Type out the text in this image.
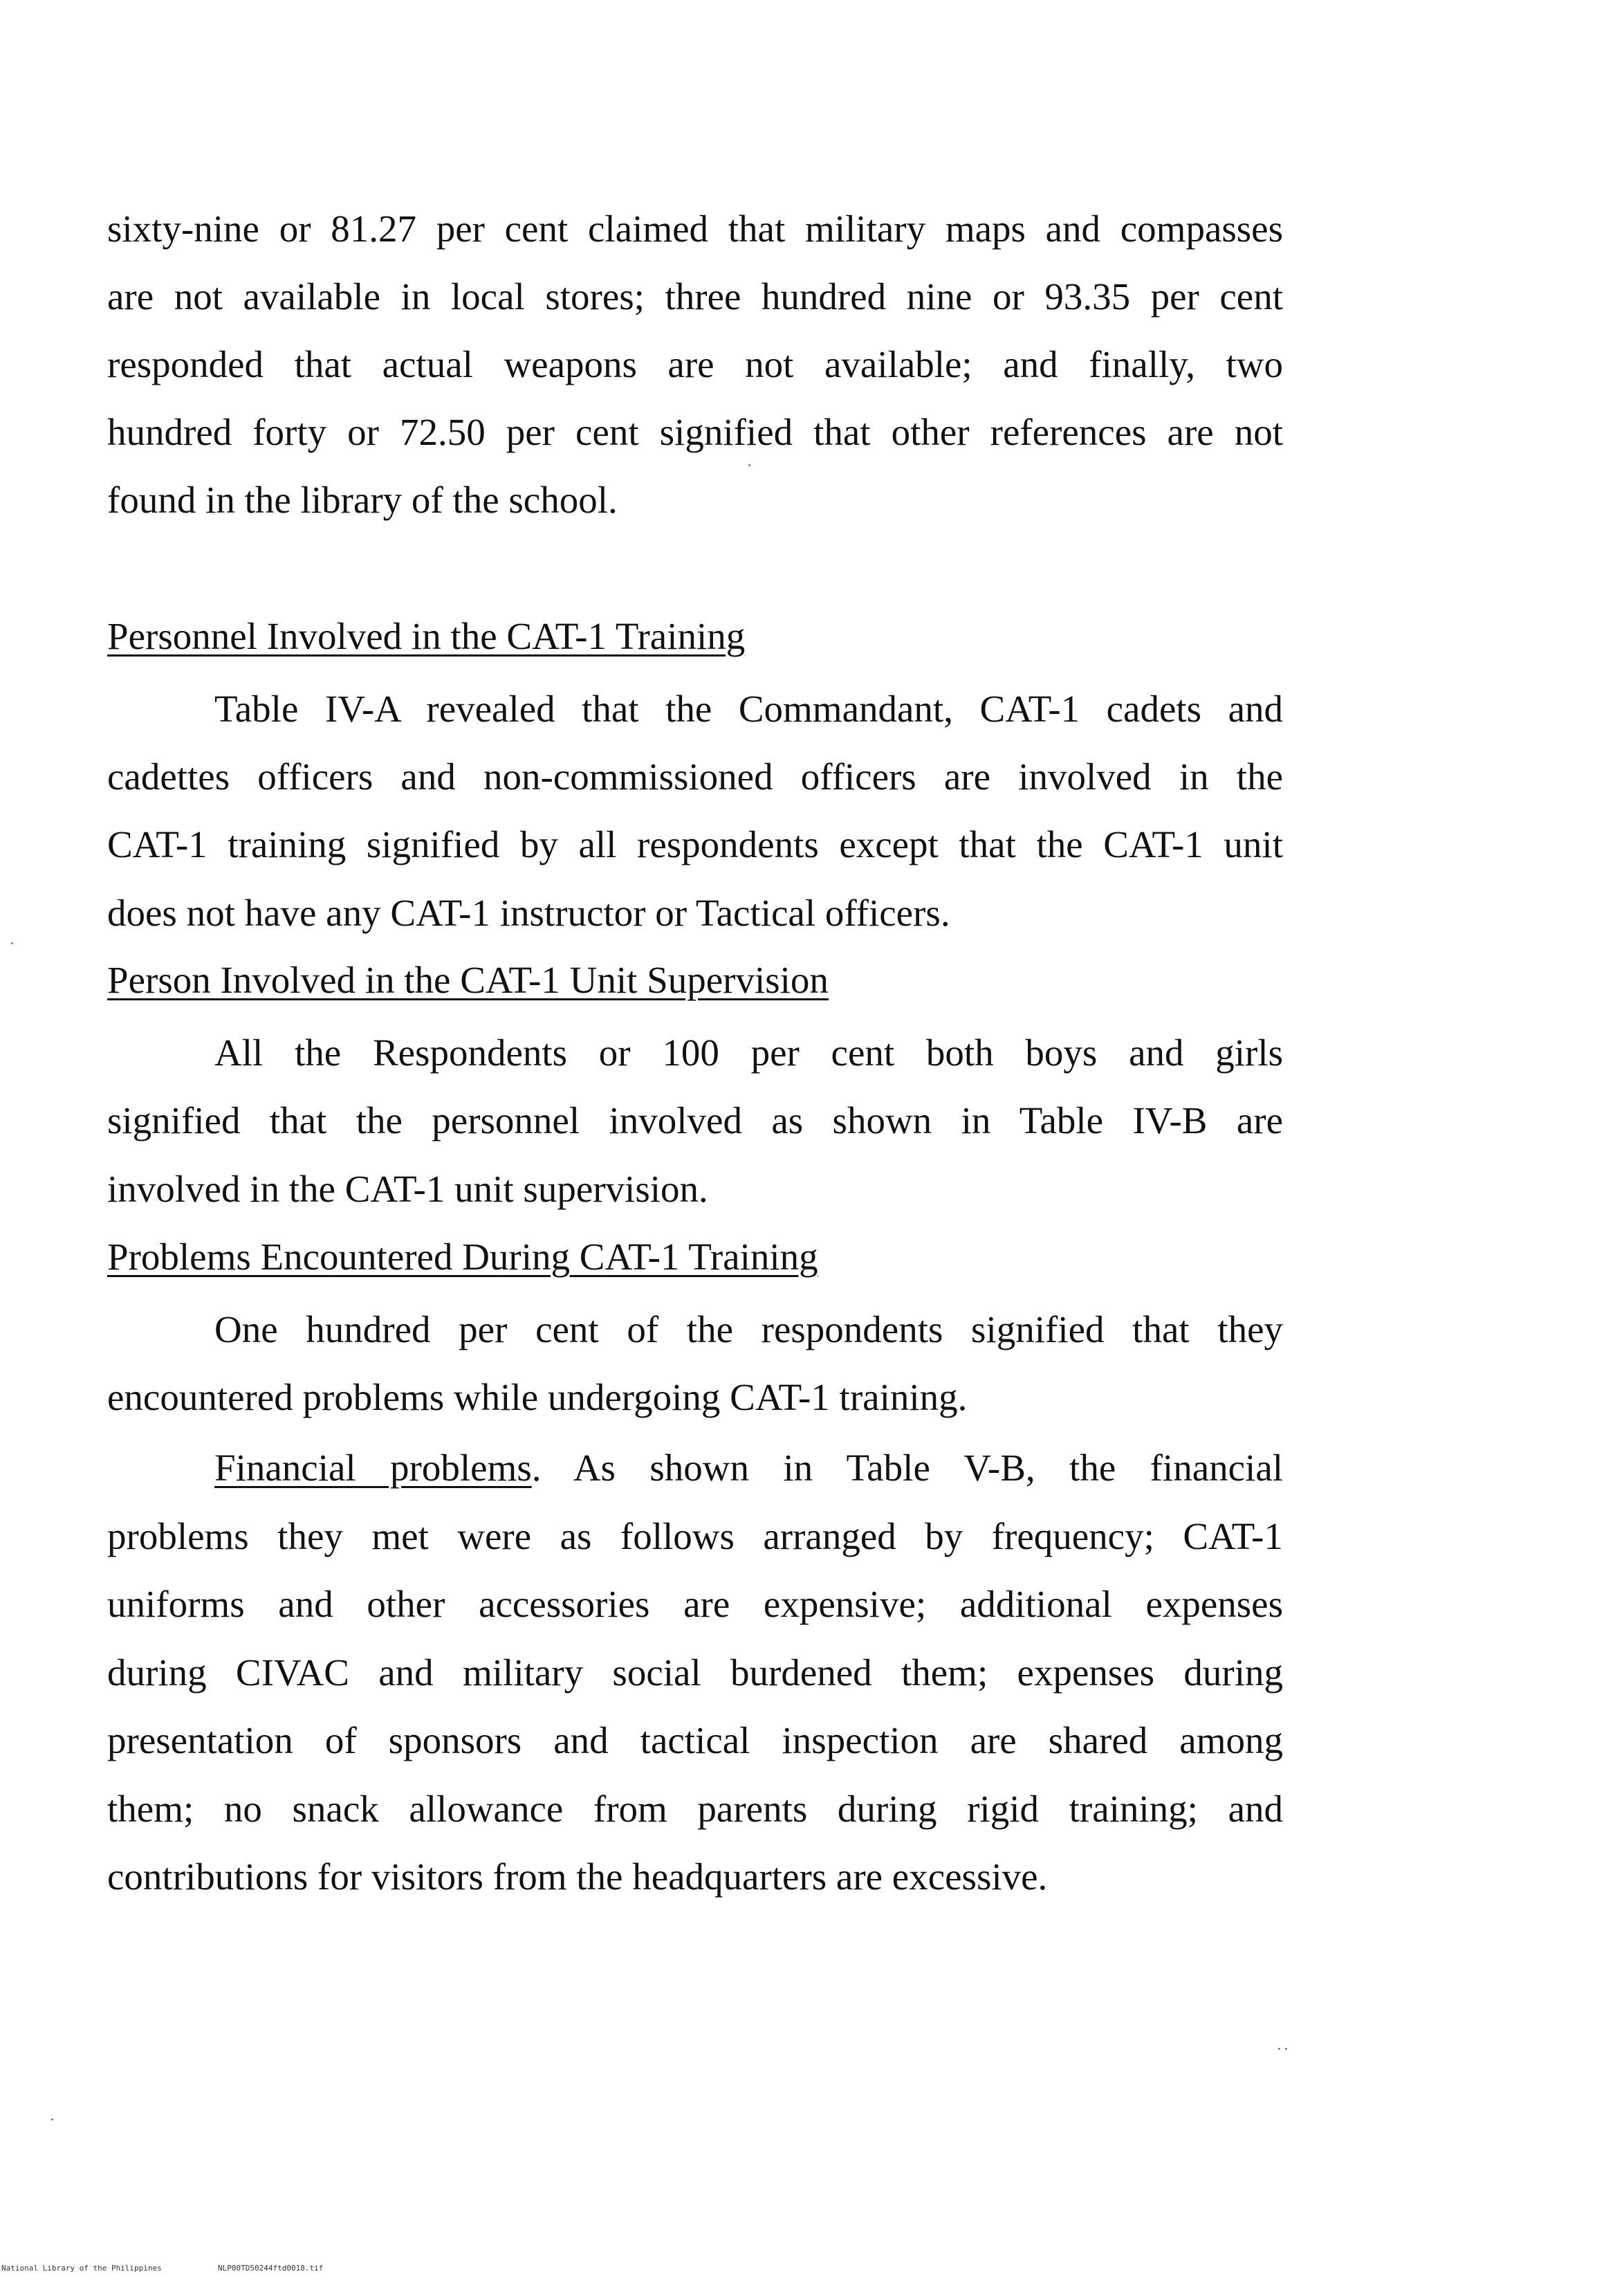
sixty-nine or 81.27 per cent claimed that military maps and compasses
are not available in local stores; three hundred nine or 93.35 per cent
responded that actual weapons are not available; and finally, two
hundred forty or 72.50 per cent signified that other references are not
found in the library of the school.
Personnel Involved in the CAT-1 Training
Table IV-A revealed that the Commandant, CAT-1 cadets and
cadettes officers and non-commissioned officers are involved in the
CAT-1 training signified by all respondents except that the CAT-1 unit
does not have any CAT-1 instructor or Tactical officers.
Person Involved in the CAT-1 Unit Supervision
All the Respondents or 100 per cent both boys and girls
signified that the personnel involved as shown in Table IV-B are
involved in the CAT-1 unit supervision.
Problems Encountered During CAT-1 Training
One hundred per cent of the respondents signified that they
encountered problems while undergoing CAT-1 training.
Financial problems. As shown in Table V-B, the financial
problems they met were as follows arranged by frequency; CAT-1
uniforms and other accessories are expensive; additional expenses
during CIVAC and military social burdened them; expenses during
presentation of sponsors and tactical inspection are shared among
them; no snack allowance from parents during rigid training; and
contributions for visitors from the headquarters are excessive.
National Library of the Philippines	NLP00TD50244ftd0018.tif
